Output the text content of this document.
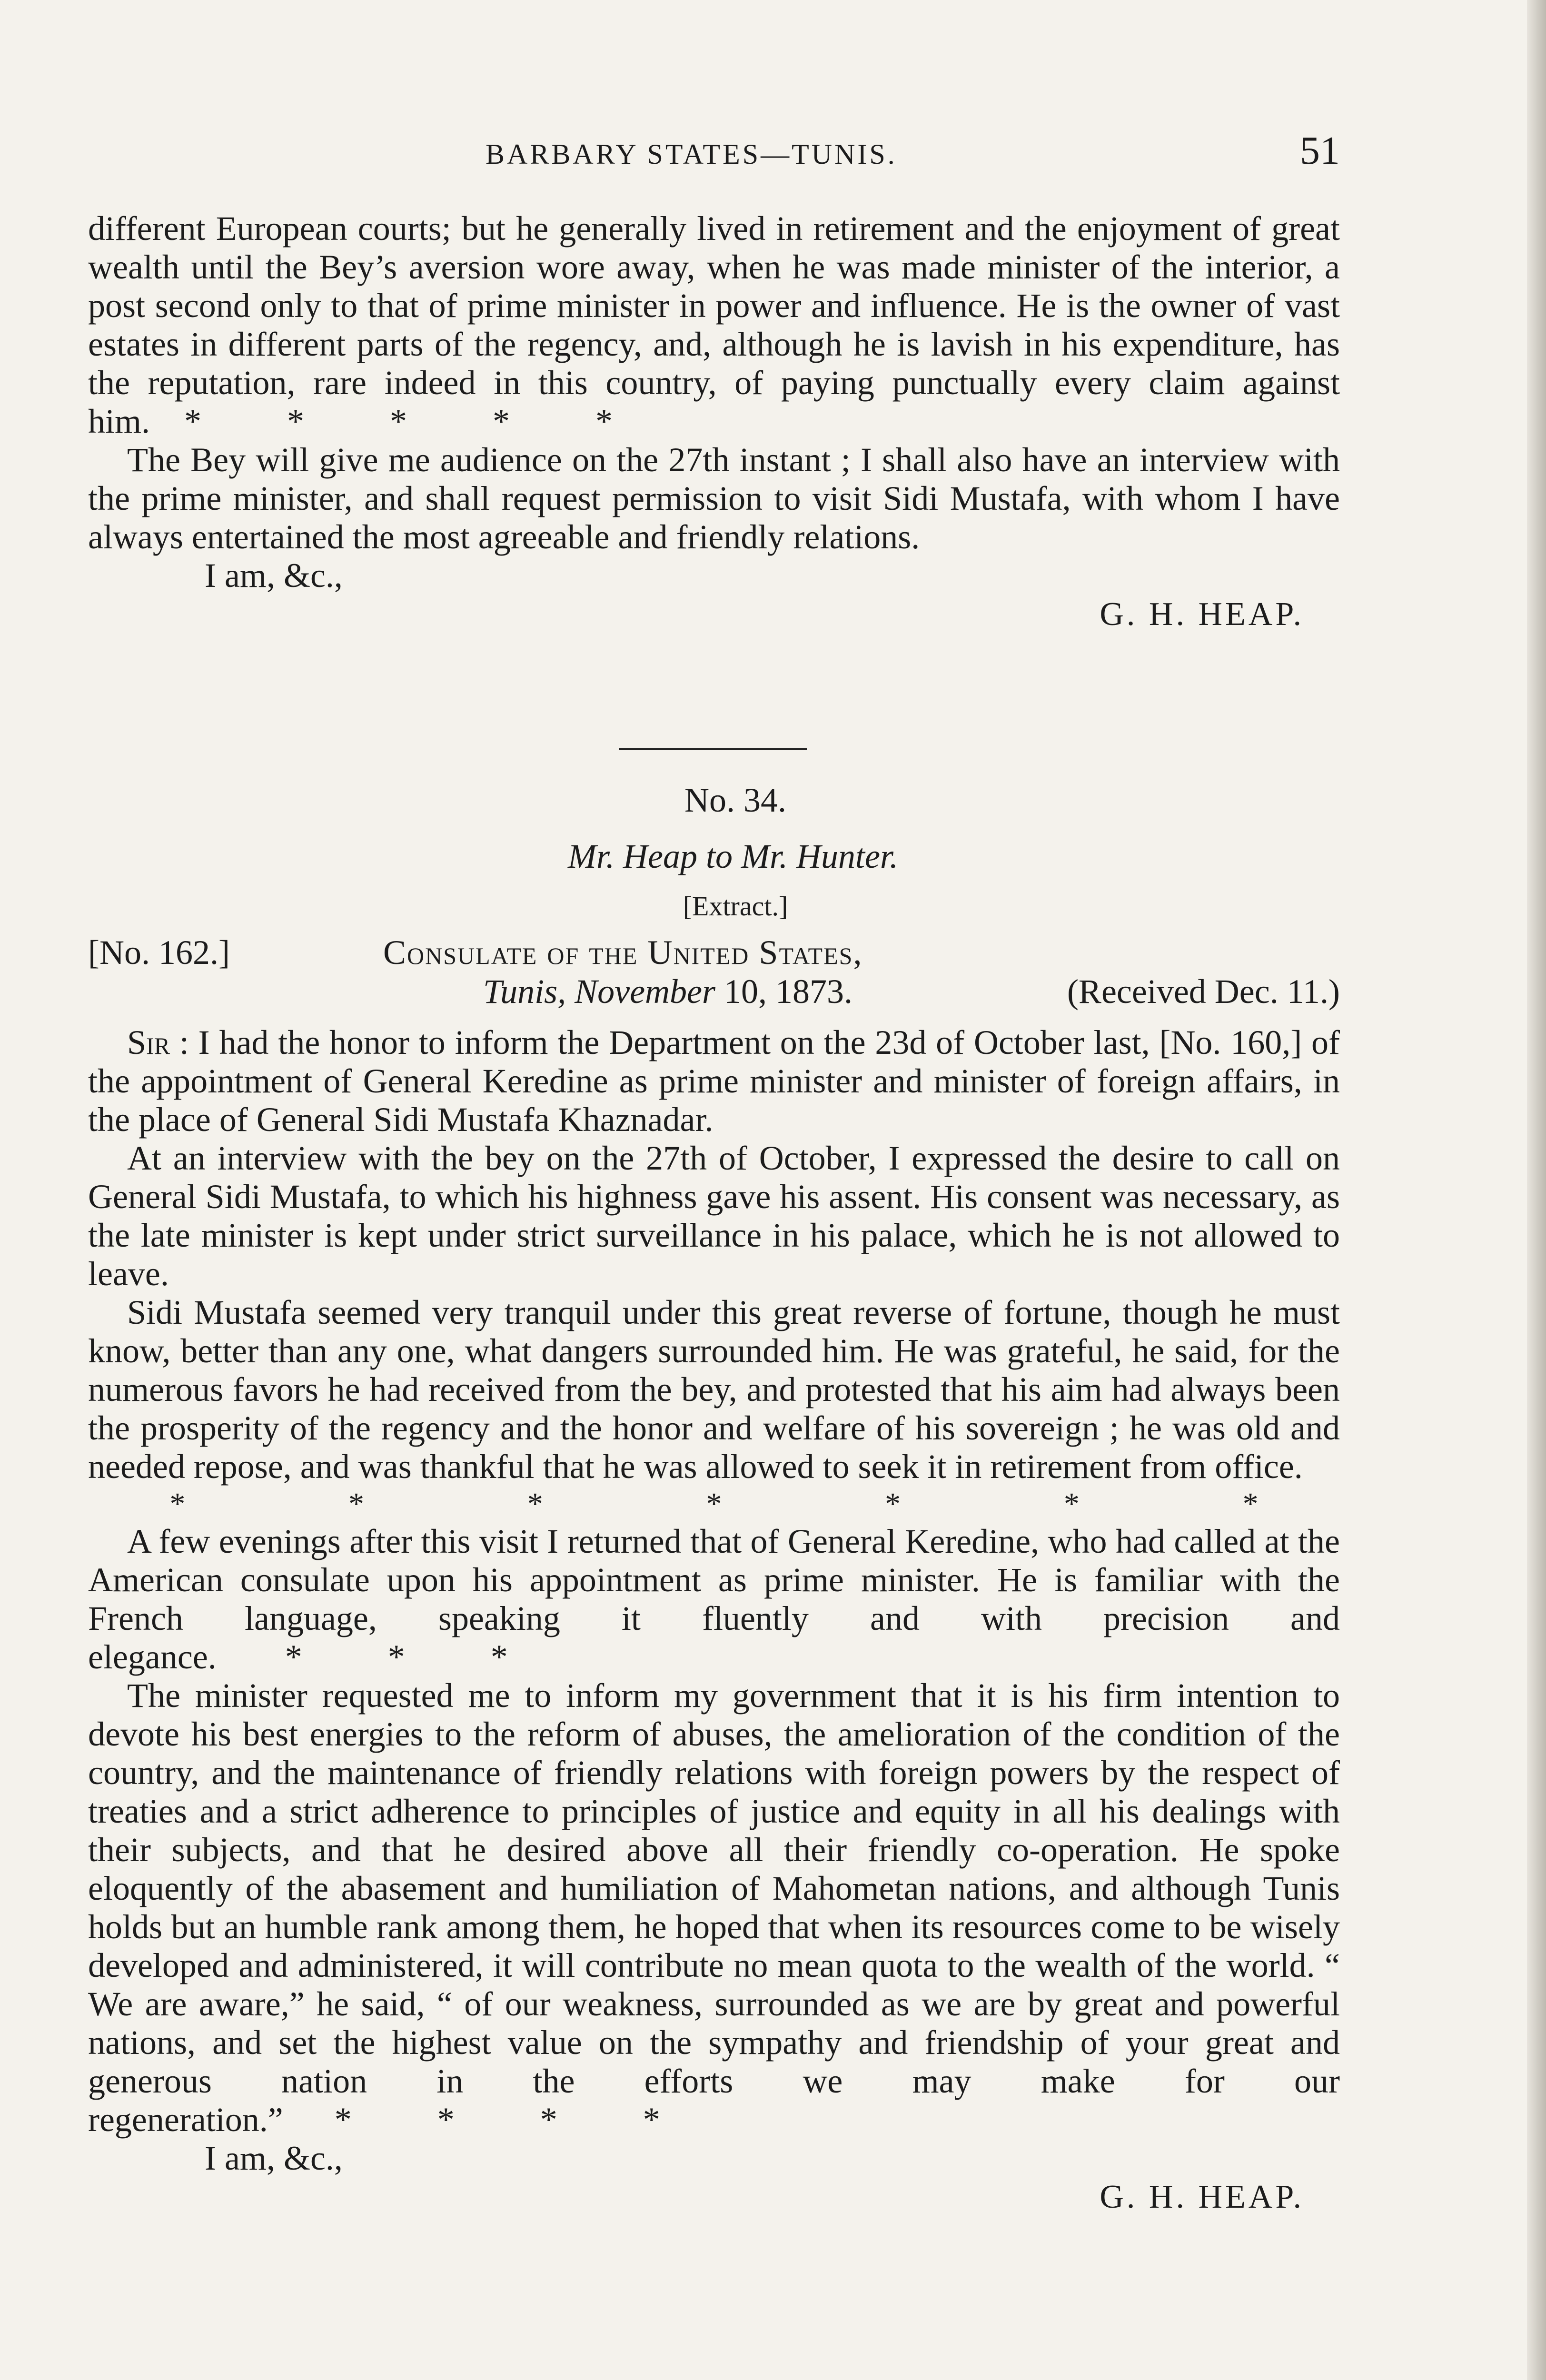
BARBARY STATES—TUNIS.	51

different European courts; but he generally lived in retirement and the enjoyment of great wealth until the Bey’s aversion wore away, when he was made minister of the interior, a post second only to that of prime minister in power and influence. He is the owner of vast estates in different parts of the regency, and, although he is lavish in his expenditure, has the reputation, rare indeed in this country, of paying punctually every claim against him. *          *          *          *          *

The Bey will give me audience on the 27th instant ; I shall also have an interview with the prime minister, and shall request permission to visit Sidi Mustafa, with whom I have always entertained the most agreeable and friendly relations.

I am, &c.,

G. H. HEAP.

No. 34.
Mr. Heap to Mr. Hunter.
[Extract.]
[No. 162.]	Consulate of the United States,
Tunis, November 10, 1873.	(Received Dec. 11.)

Sir : I had the honor to inform the Department on the 23d of October last, [No. 160,] of the appointment of General Keredine as prime minister and minister of foreign affairs, in the place of General Sidi Mustafa Khaznadar.

At an interview with the bey on the 27th of October, I expressed the desire to call on General Sidi Mustafa, to which his highness gave his assent. His consent was necessary, as the late minister is kept under strict surveillance in his palace, which he is not allowed to leave.

Sidi Mustafa seemed very tranquil under this great reverse of fortune, though he must know, better than any one, what dangers surrounded him. He was grateful, he said, for the numerous favors he had received from the bey, and protested that his aim had always been the prosperity of the regency and the honor and welfare of his sovereign ; he was old and needed repose, and was thankful that he was allowed to seek it in retirement from office.

*	*	*	*	*	*	*

A few evenings after this visit I returned that of General Keredine, who had called at the American consulate upon his appointment as prime minister. He is familiar with the French language, speaking it fluently and with precision and elegance. *          *          *

The minister requested me to inform my government that it is his firm intention to devote his best energies to the reform of abuses, the amelioration of the condition of the country, and the maintenance of friendly relations with foreign powers by the respect of treaties and a strict adherence to principles of justice and equity in all his dealings with their subjects, and that he desired above all their friendly co-operation. He spoke eloquently of the abasement and humiliation of Mahometan nations, and although Tunis holds but an humble rank among them, he hoped that when its resources come to be wisely developed and administered, it will contribute no mean quota to the wealth of the world. “ We are aware,” he said, “ of our weakness, surrounded as we are by great and powerful nations, and set the highest value on the sympathy and friendship of your great and generous nation in the efforts we may make for our regeneration.” *          *          *          *

I am, &c.,

G. H. HEAP.
